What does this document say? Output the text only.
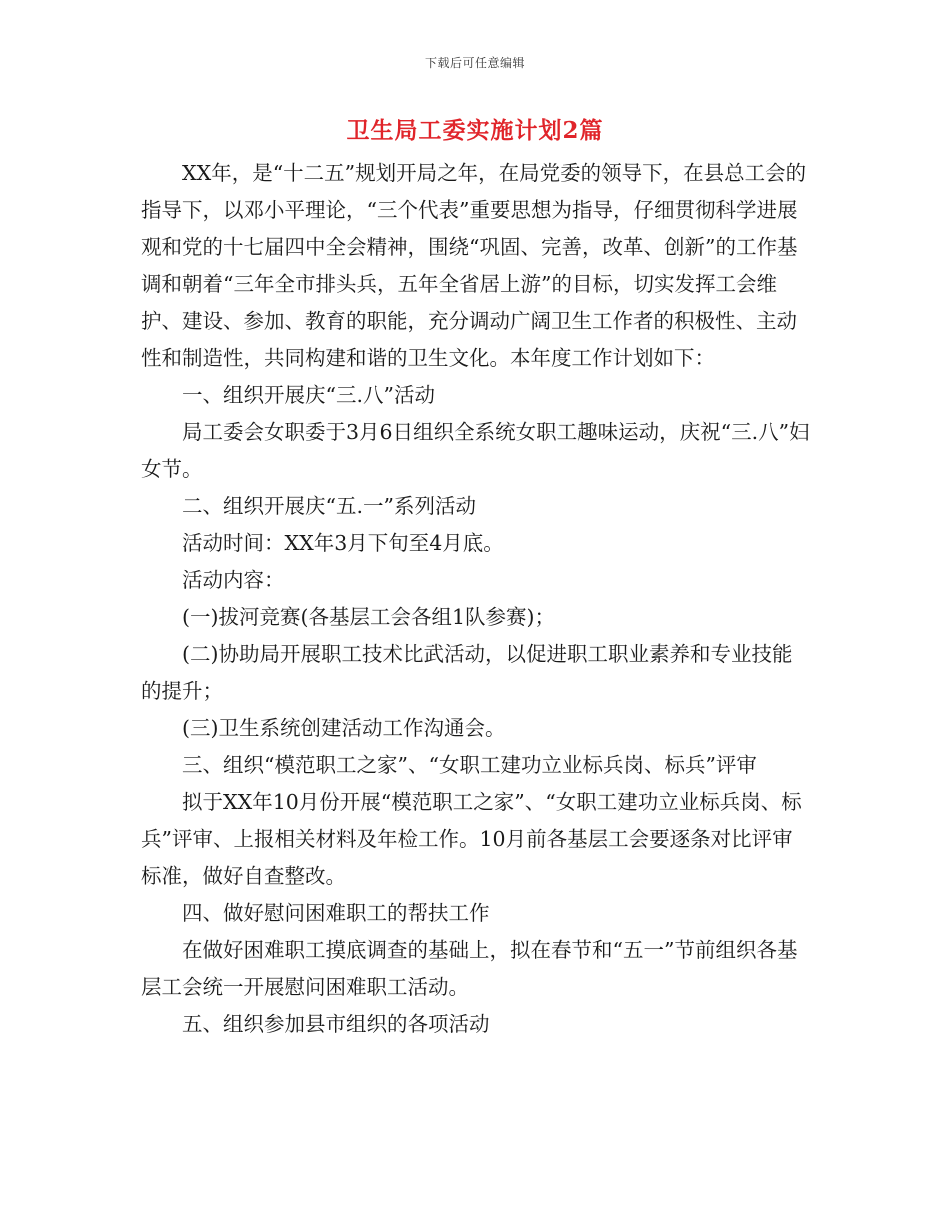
下载后可任意编辑
卫生局工委实施计划2篇

XX年，是“十二五”规划开局之年，在局党委的领导下，在县总工会的指导下，以邓小平理论，“三个代表”重要思想为指导，仔细贯彻科学进展观和党的十七届四中全会精神，围绕“巩固、完善，改革、创新”的工作基调和朝着“三年全市排头兵，五年全省居上游”的目标，切实发挥工会维护、建设、参加、教育的职能，充分调动广阔卫生工作者的积极性、主动性和制造性，共同构建和谐的卫生文化。本年度工作计划如下：

一、组织开展庆“三.八”活动

局工委会女职委于3月6日组织全系统女职工趣味运动，庆祝“三.八”妇女节。

二、组织开展庆“五.一”系列活动

活动时间：XX年3月下旬至4月底。

活动内容：

(一)拔河竞赛(各基层工会各组1队参赛)；

(二)协助局开展职工技术比武活动，以促进职工职业素养和专业技能的提升；

(三)卫生系统创建活动工作沟通会。

三、组织“模范职工之家”、“女职工建功立业标兵岗、标兵”评审

拟于XX年10月份开展“模范职工之家”、“女职工建功立业标兵岗、标兵”评审、上报相关材料及年检工作。10月前各基层工会要逐条对比评审标准，做好自查整改。

四、做好慰问困难职工的帮扶工作

在做好困难职工摸底调查的基础上，拟在春节和“五一”节前组织各基层工会统一开展慰问困难职工活动。

五、组织参加县市组织的各项活动
